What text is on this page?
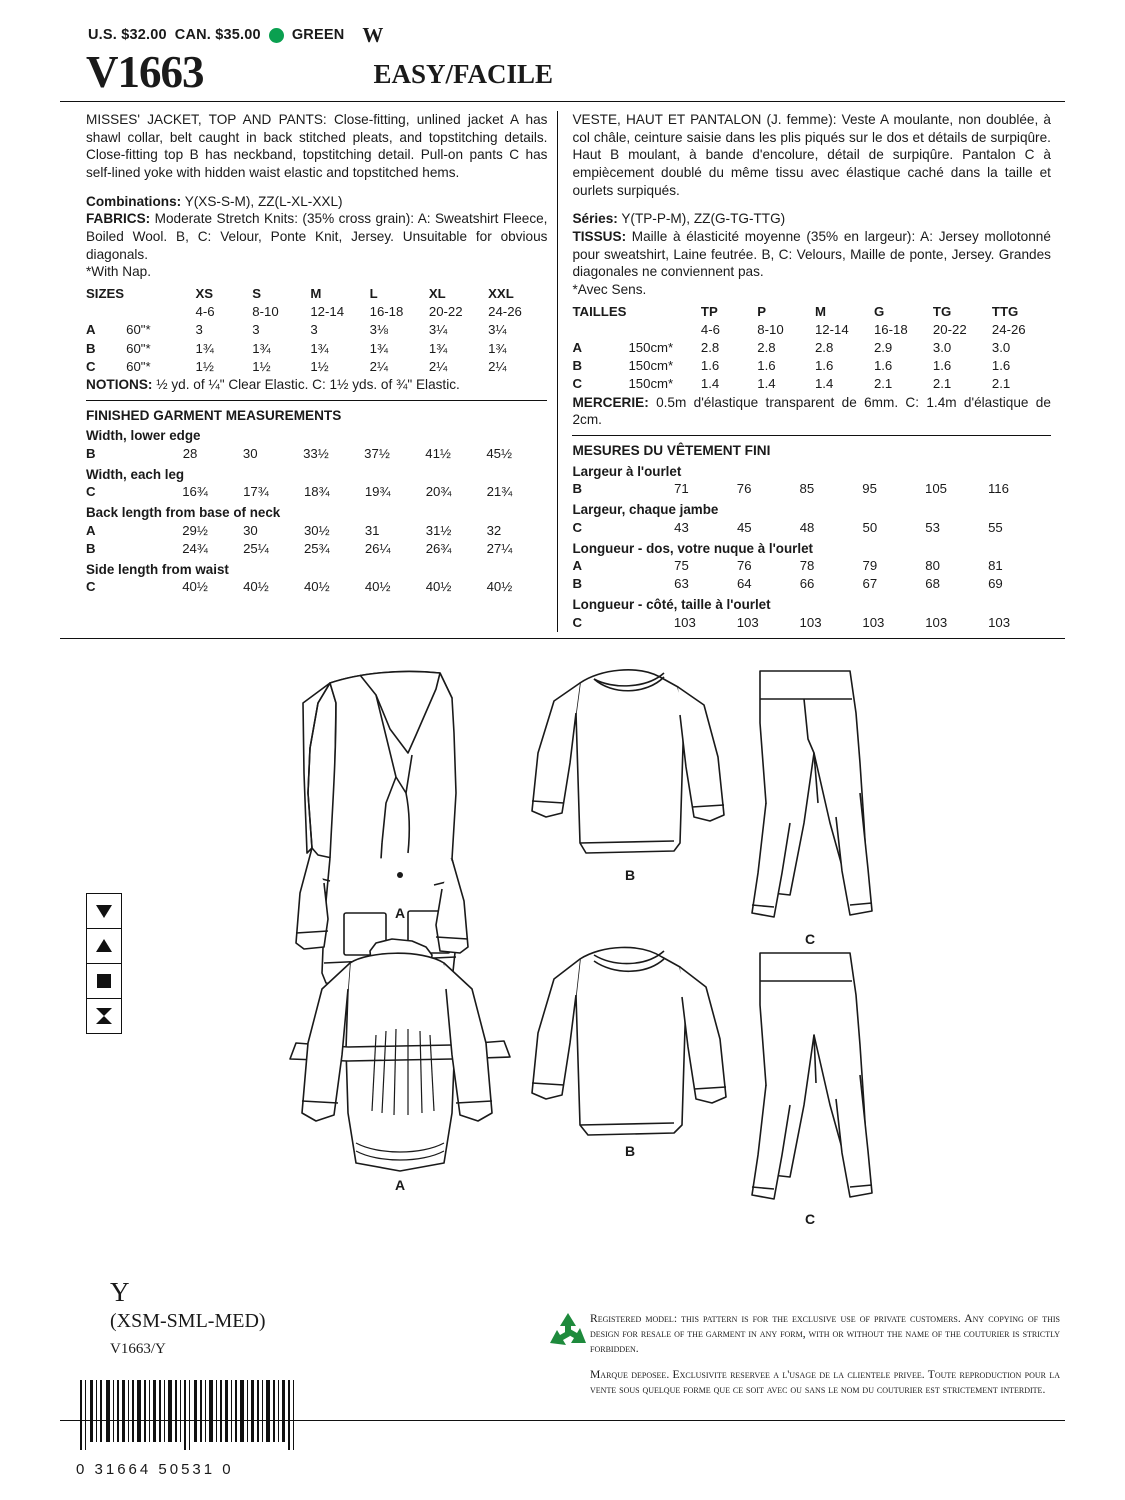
U.S. $32.00 CAN. $35.00 GREEN W
V1663	EASY/FACILE
MISSES' JACKET, TOP AND PANTS: Close-fitting, unlined jacket A has shawl collar, belt caught in back stitched pleats, and topstitching details. Close-fitting top B has neckband, topstitching detail. Pull-on pants C has self-lined yoke with hidden waist elastic and topstitched hems.
Combinations: Y(XS-S-M), ZZ(L-XL-XXL)
FABRICS: Moderate Stretch Knits: (35% cross grain): A: Sweatshirt Fleece, Boiled Wool. B, C: Velour, Ponte Knit, Jersey. Unsuitable for obvious diagonals.
*With Nap.
SIZES		XS	S	M	L	XL	XXL
		4-6	8-10	12-14	16-18	20-22	24-26
A	60"*	3	3	3	3⅛	3¼	3¼
B	60"*	1¾	1¾	1¾	1¾	1¾	1¾
C	60"*	1½	1½	1½	2¼	2¼	2¼
NOTIONS: ½ yd. of ¼" Clear Elastic. C: 1½ yds. of ¾" Elastic.
FINISHED GARMENT MEASUREMENTS
Width, lower edge
B		28	30	33½	37½	41½	45½
Width, each leg
C		16¾	17¾	18¾	19¾	20¾	21¾
Back length from base of neck
A		29½	30	30½	31	31½	32
B		24¾	25¼	25¾	26¼	26¾	27¼
Side length from waist
C		40½	40½	40½	40½	40½	40½
VESTE, HAUT ET PANTALON (J. femme): Veste A moulante, non doublée, à col châle, ceinture saisie dans les plis piqués sur le dos et détails de surpiqûre. Haut B moulant, à bande d'encolure, détail de surpiqûre. Pantalon C à empiècement doublé du même tissu avec élastique caché dans la taille et ourlets surpiqués.
Séries: Y(TP-P-M), ZZ(G-TG-TTG)
TISSUS: Maille à élasticité moyenne (35% en largeur): A: Jersey mollotonné pour sweatshirt, Laine feutrée. B, C: Velours, Maille de ponte, Jersey. Grandes diagonales ne conviennent pas.
*Avec Sens.
TAILLES		TP	P	M	G	TG	TTG
		4-6	8-10	12-14	16-18	20-22	24-26
A	150cm*	2.8	2.8	2.8	2.9	3.0	3.0
B	150cm*	1.6	1.6	1.6	1.6	1.6	1.6
C	150cm*	1.4	1.4	1.4	2.1	2.1	2.1
MERCERIE: 0.5m d'élastique transparent de 6mm. C: 1.4m d'élastique de 2cm.
MESURES DU VÊTEMENT FINI
Largeur à l'ourlet
B		71	76	85	95	105	116
Largeur, chaque jambe
C		43	45	48	50	53	55
Longueur - dos, votre nuque à l'ourlet
A		75	76	78	79	80	81
B		63	64	66	67	68	69
Longueur - côté, taille à l'ourlet
C		103	103	103	103	103	103
A
B
C
A
B
C
Y
(XSM-SML-MED)
V1663/Y
0 31664 50531 0

Registered model: this pattern is for the exclusive use of private customers. Any copying of this design for resale of the garment in any form, with or without the name of the couturier is strictly forbidden.

Marque deposee. Exclusivite reservee a l'usage de la clientele privee. Toute reproduction pour la vente sous quelque forme que ce soit avec ou sans le nom du couturier est strictement interdite.
